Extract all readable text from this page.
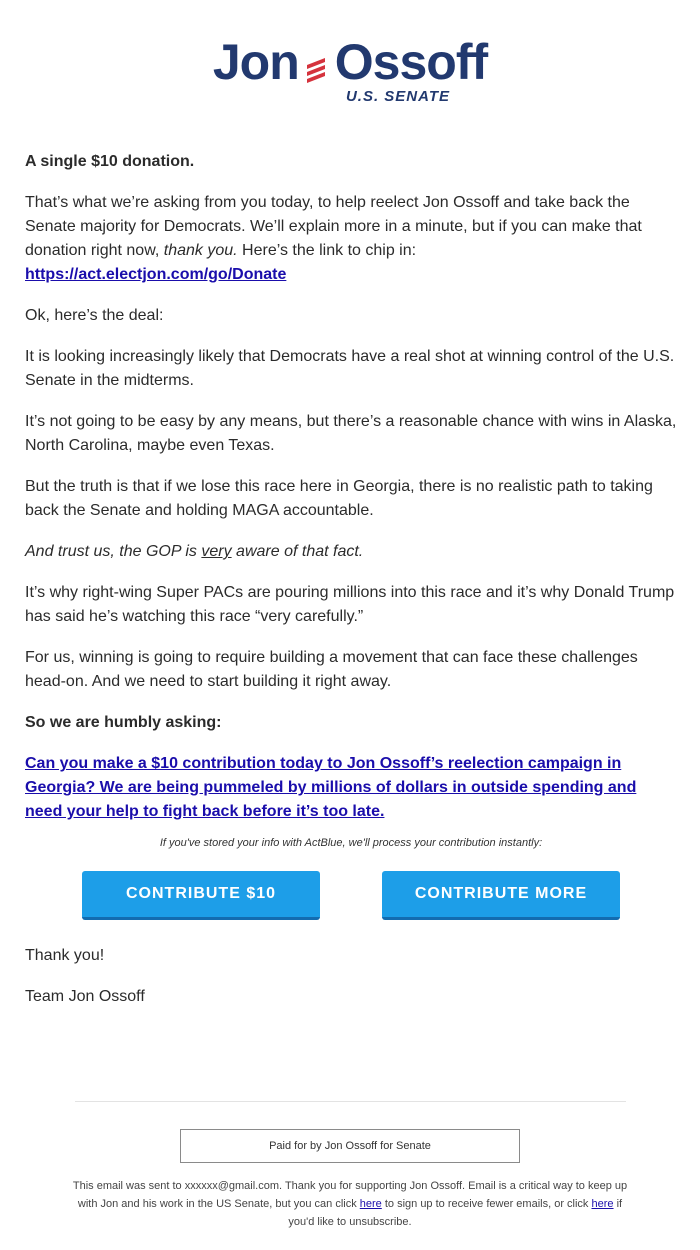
Jon Ossoff
U.S. SENATE

A single $10 donation.

That’s what we’re asking from you today, to help reelect Jon Ossoff and take back the Senate majority for Democrats. We’ll explain more in a minute, but if you can make that donation right now, thank you. Here’s the link to chip in:
https://act.electjon.com/go/Donate

Ok, here’s the deal:

It is looking increasingly likely that Democrats have a real shot at winning control of the U.S. Senate in the midterms.

It’s not going to be easy by any means, but there’s a reasonable chance with wins in Alaska, North Carolina, maybe even Texas.

But the truth is that if we lose this race here in Georgia, there is no realistic path to taking back the Senate and holding MAGA accountable.

And trust us, the GOP is very aware of that fact.

It’s why right-wing Super PACs are pouring millions into this race and it’s why Donald Trump has said he’s watching this race “very carefully.”

For us, winning is going to require building a movement that can face these challenges head-on. And we need to start building it right away.

So we are humbly asking:

Can you make a $10 contribution today to Jon Ossoff’s reelection campaign in Georgia? We are being pummeled by millions of dollars in outside spending and need your help to fight back before it’s too late.

If you've stored your info with ActBlue, we'll process your contribution instantly:
CONTRIBUTE $10	CONTRIBUTE MORE

Thank you!

Team Jon Ossoff

Paid for by Jon Ossoff for Senate
This email was sent to xxxxxx@gmail.com. Thank you for supporting Jon Ossoff. Email is a critical way to keep up with Jon and his work in the US Senate, but you can click here to sign up to receive fewer emails, or click here if you'd like to unsubscribe.
